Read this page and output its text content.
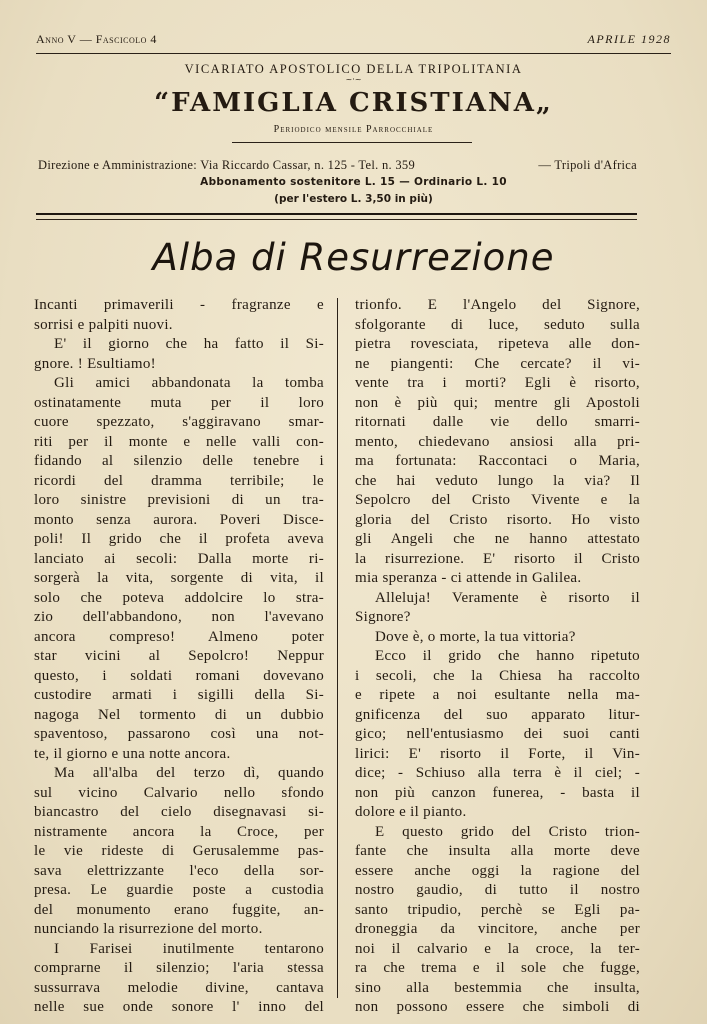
Anno V — Fascicolo 4	APRILE 1928
VICARIATO APOSTOLICO DELLA TRIPOLITANIA
~·~
“FAMIGLIA CRISTIANA„
Periodico mensile Parrocchiale
Direzione e Amministrazione: Via Riccardo Cassar, n. 125 - Tel. n. 359	— Tripoli d'Africa
Abbonamento sostenitore L. 15 — Ordinario L. 10
(per l'estero L. 3,50 in più)
Alba di Resurrezione
Incanti primaverili - fragranze e
sorrisi e palpiti nuovi.
E' il giorno che ha fatto il Si-
gnore. ! Esultiamo!
Gli amici abbandonata la tomba
ostinatamente muta per il loro
cuore spezzato, s'aggiravano smar-
riti per il monte e nelle valli con-
fidando al silenzio delle tenebre i
ricordi del dramma terribile; le
loro sinistre previsioni di un tra-
monto senza aurora. Poveri Disce-
poli! Il grido che il profeta aveva
lanciato ai secoli: Dalla morte ri-
sorgerà la vita, sorgente di vita, il
solo che poteva addolcire lo stra-
zio dell'abbandono, non l'avevano
ancora compreso! Almeno poter
star vicini al Sepolcro! Neppur
questo, i soldati romani dovevano
custodire armati i sigilli della Si-
nagoga Nel tormento di un dubbio
spaventoso, passarono così una not-
te, il giorno e una notte ancora.
Ma all'alba del terzo dì, quando
sul vicino Calvario nello sfondo
biancastro del cielo disegnavasi si-
nistramente ancora la Croce, per
le vie rideste di Gerusalemme pas-
sava elettrizzante l'eco della sor-
presa. Le guardie poste a custodia
del monumento erano fuggite, an-
nunciando la risurrezione del morto.
I Farisei inutilmente tentarono
comprarne il silenzio; l'aria stessa
sussurrava melodie divine, cantava
nelle sue onde sonore l' inno del
trionfo. E l'Angelo del Signore,
sfolgorante di luce, seduto sulla
pietra rovesciata, ripeteva alle don-
ne piangenti: Che cercate? il vi-
vente tra i morti? Egli è risorto,
non è più qui; mentre gli Apostoli
ritornati dalle vie dello smarri-
mento, chiedevano ansiosi alla pri-
ma fortunata: Raccontaci o Maria,
che hai veduto lungo la via? Il
Sepolcro del Cristo Vivente e la
gloria del Cristo risorto. Ho visto
gli Angeli che ne hanno attestato
la risurrezione. E' risorto il Cristo
mia speranza - ci attende in Galilea.
Alleluja! Veramente è risorto il
Signore?
Dove è, o morte, la tua vittoria?
Ecco il grido che hanno ripetuto
i secoli, che la Chiesa ha raccolto
e ripete a noi esultante nella ma-
gnificenza del suo apparato litur-
gico; nell'entusiasmo dei suoi canti
lirici: E' risorto il Forte, il Vin-
dice; - Schiuso alla terra è il ciel; -
non più canzon funerea, - basta il
dolore e il pianto.
E questo grido del Cristo trion-
fante che insulta alla morte deve
essere anche oggi la ragione del
nostro gaudio, di tutto il nostro
santo tripudio, perchè se Egli pa-
droneggia da vincitore, anche per
noi il calvario e la croce, la ter-
ra che trema e il sole che fugge,
sino alla bestemmia che insulta,
non possono essere che simboli di
